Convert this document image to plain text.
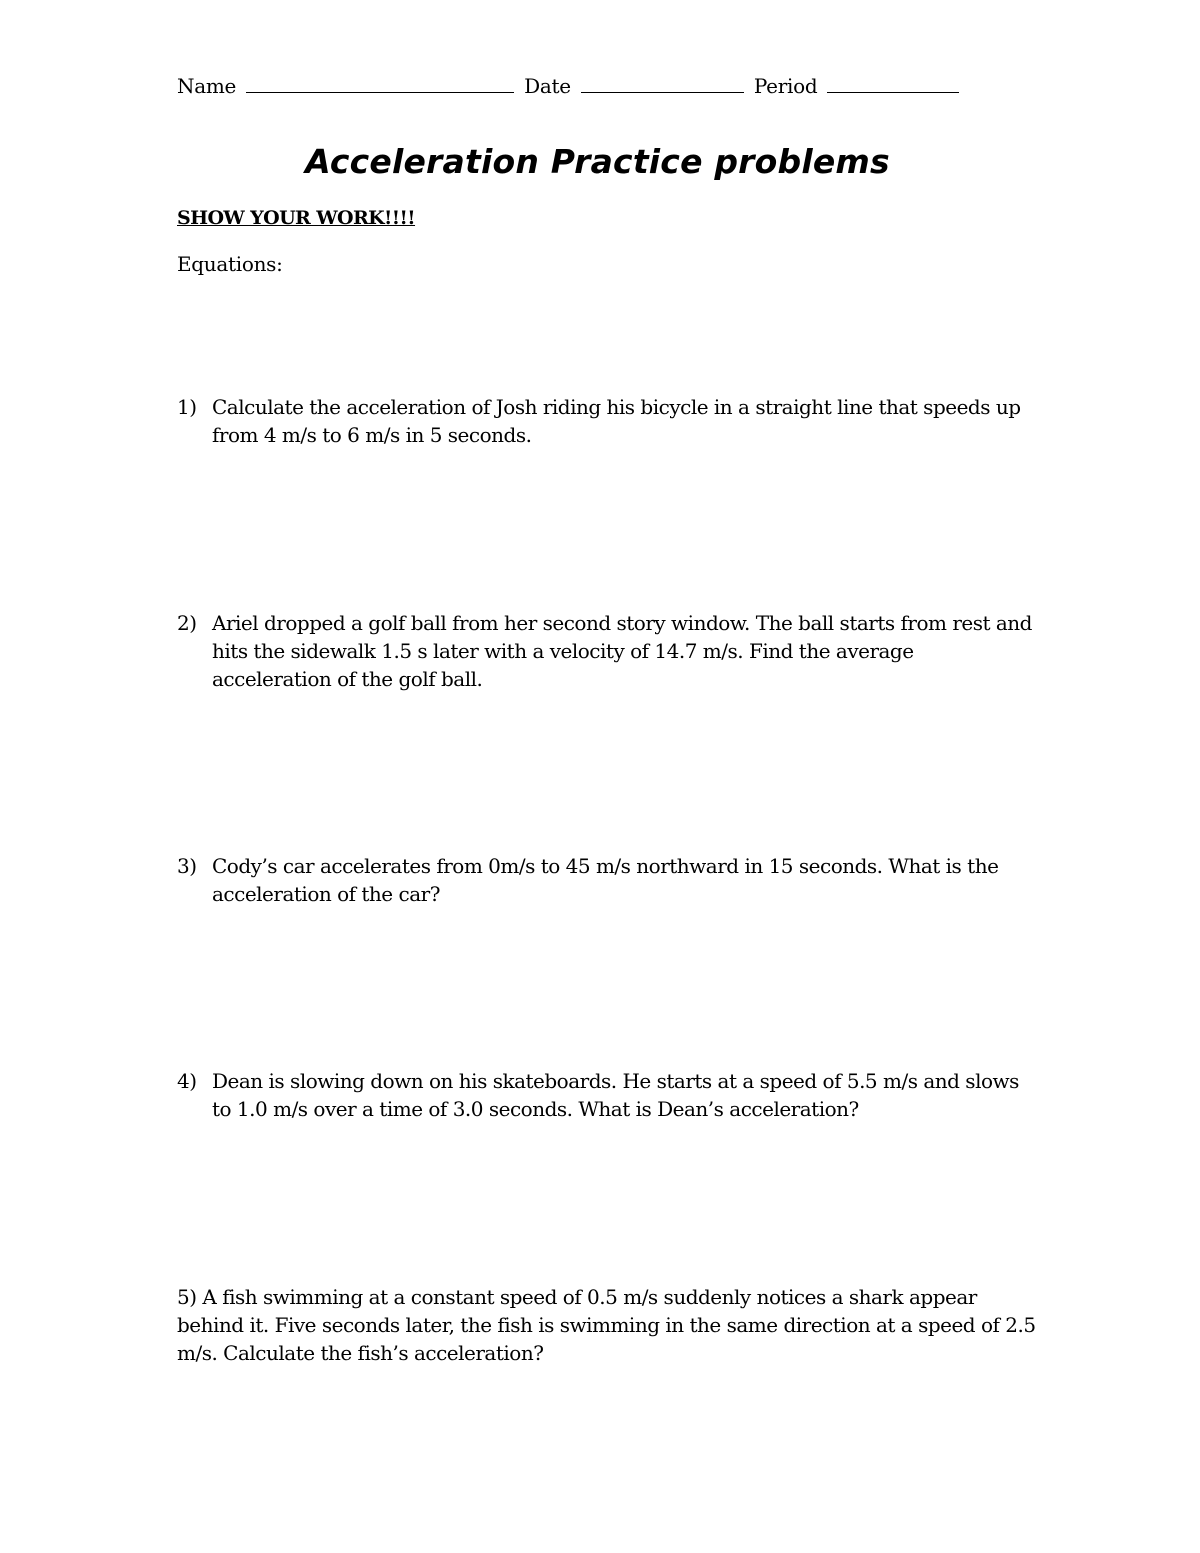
Name	Date	Period
Acceleration Practice problems
SHOW YOUR WORK!!!!
Equations:
1) Calculate the acceleration of Josh riding his bicycle in a straight line that speeds up from 4 m/s to 6 m/s in 5 seconds.
2) Ariel dropped a golf ball from her second story window. The ball starts from rest and hits the sidewalk 1.5 s later with a velocity of 14.7 m/s. Find the average acceleration of the golf ball.
3) Cody’s car accelerates from 0m/s to 45 m/s northward in 15 seconds. What is the acceleration of the car?
4) Dean is slowing down on his skateboards. He starts at a speed of 5.5 m/s and slows to 1.0 m/s over a time of 3.0 seconds. What is Dean’s acceleration?
5) A fish swimming at a constant speed of 0.5 m/s suddenly notices a shark appear behind it. Five seconds later, the fish is swimming in the same direction at a speed of 2.5 m/s. Calculate the fish’s acceleration?
